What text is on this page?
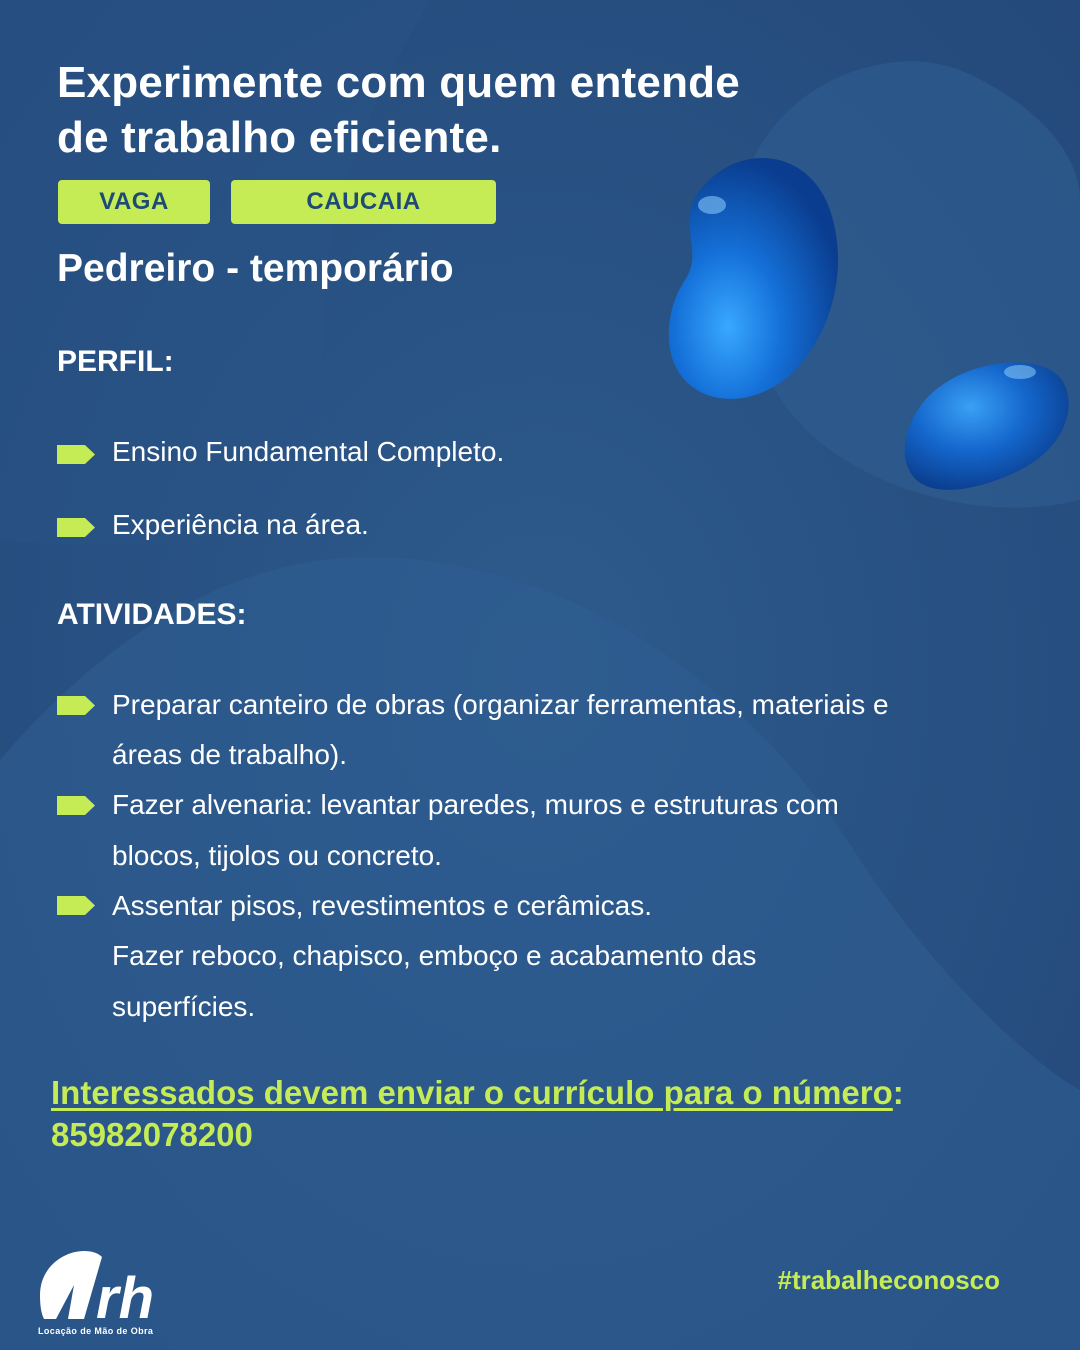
Experimente com quem entende
de trabalho eficiente.
VAGA	CAUCAIA
Pedreiro - temporário
PERFIL:
Ensino Fundamental Completo.
Experiência na área.
ATIVIDADES:
Preparar canteiro de obras (organizar ferramentas, materiais e
áreas de trabalho).
Fazer alvenaria: levantar paredes, muros e estruturas com
blocos, tijolos ou concreto.
Assentar pisos, revestimentos e cerâmicas.
Fazer reboco, chapisco, emboço e acabamento das
superfícies.

Interessados devem enviar o currículo para o número: 85982078200

rh
Locação de Mão de Obra
#trabalheconosco
